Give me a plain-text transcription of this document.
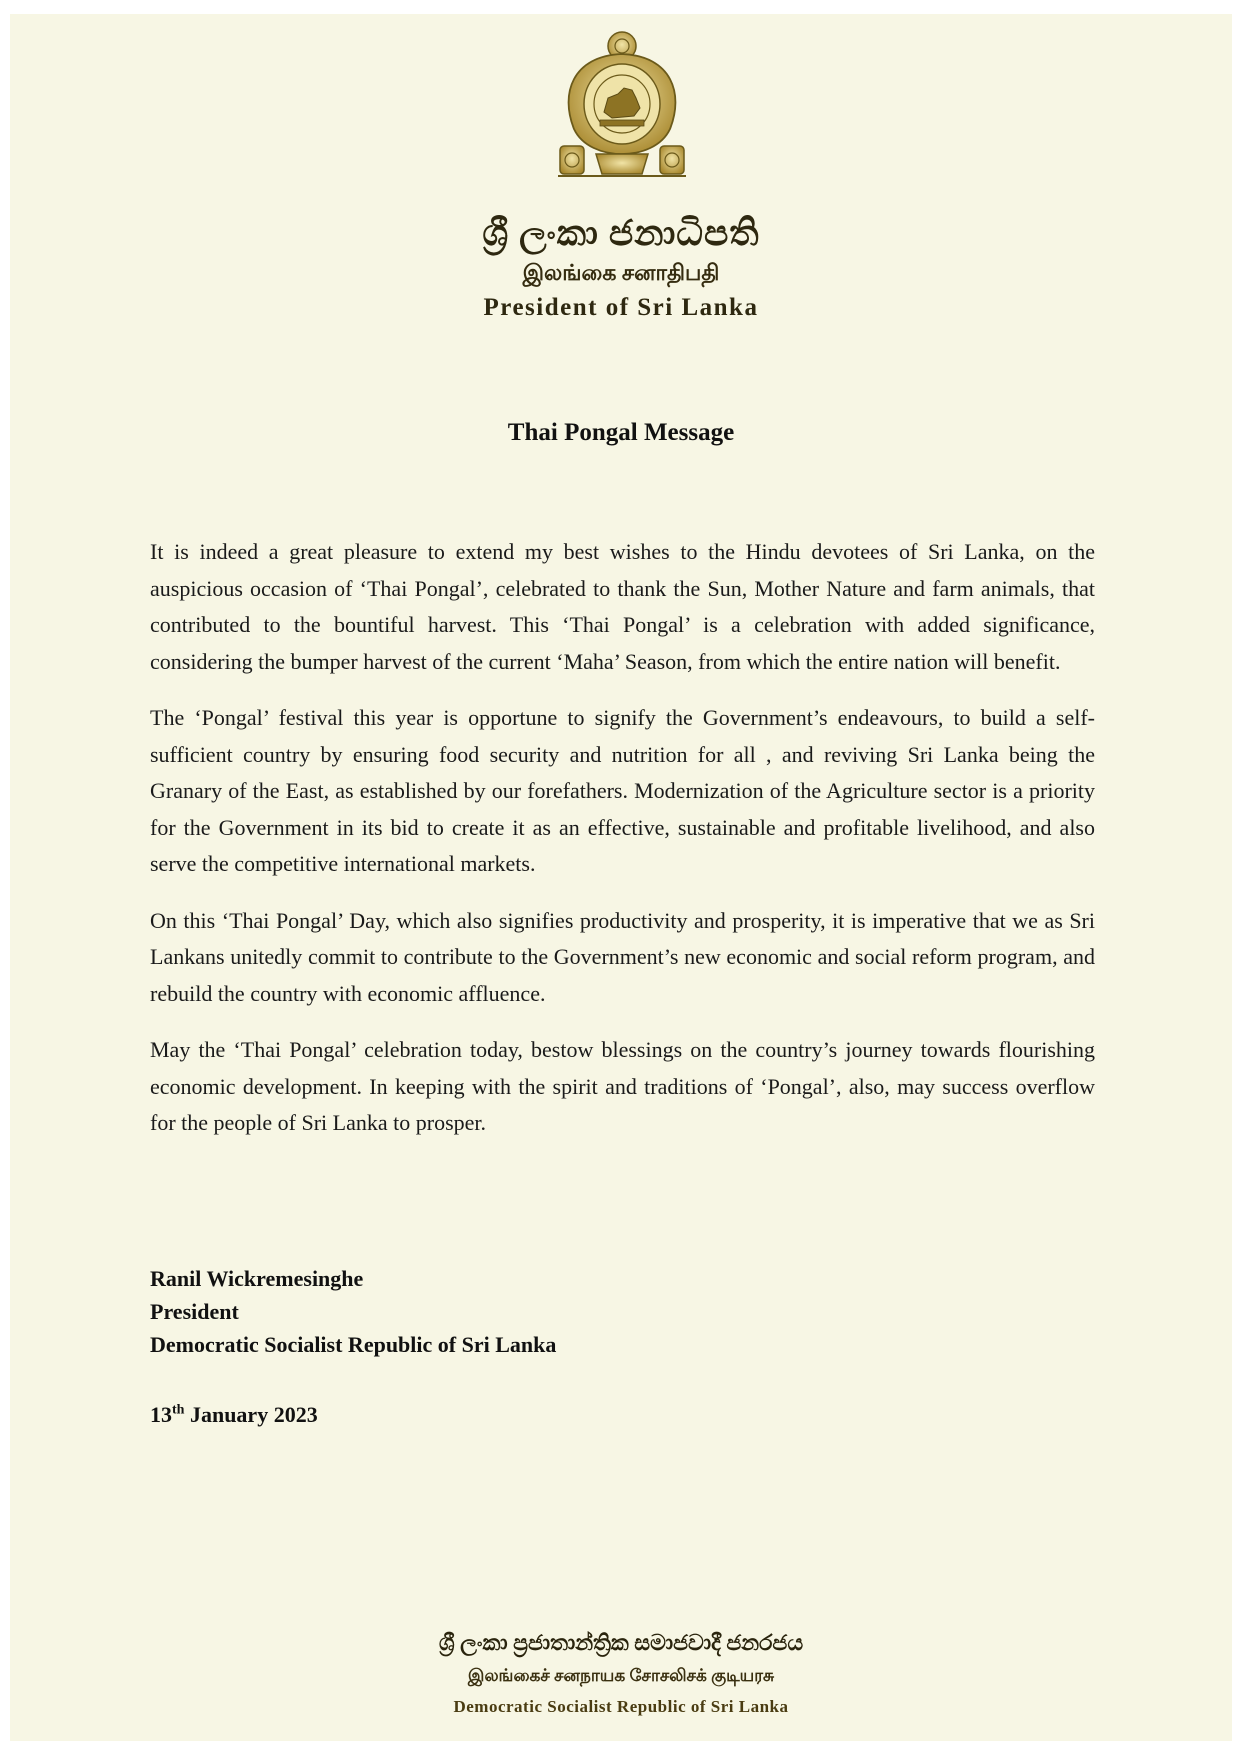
ශ්‍රී ලංකා ජනාධිපති
இலங்கை சனாதிபதி
President of Sri Lanka
Thai Pongal Message

It is indeed a great pleasure to extend my best wishes to the Hindu devotees of Sri Lanka, on the auspicious occasion of ‘Thai Pongal’, celebrated to thank the Sun, Mother Nature and farm animals, that contributed to the bountiful harvest. This ‘Thai Pongal’ is a celebration with added significance, considering the bumper harvest of the current ‘Maha’ Season, from which the entire nation will benefit.

The ‘Pongal’ festival this year is opportune to signify the Government’s endeavours, to build a self-sufficient country by ensuring food security and nutrition for all , and reviving Sri Lanka being the Granary of the East, as established by our forefathers. Modernization of the Agriculture sector is a priority for the Government in its bid to create it as an effective, sustainable and profitable livelihood, and also serve the competitive international markets.

On this ‘Thai Pongal’ Day, which also signifies productivity and prosperity, it is imperative that we as Sri Lankans unitedly commit to contribute to the Government’s new economic and social reform program, and rebuild the country with economic affluence.

May the ‘Thai Pongal’ celebration today, bestow blessings on the country’s journey towards flourishing economic development. In keeping with the spirit and traditions of ‘Pongal’, also, may success overflow for the people of Sri Lanka to prosper.

Ranil Wickremesinghe
President
Democratic Socialist Republic of Sri Lanka
13th January 2023
ශ්‍රී ලංකා ප්‍රජාතාන්ත්‍රික සමාජවාදී ජනරජය
இலங்கைச் சனநாயக சோசலிசக் குடியரசு
Democratic Socialist Republic of Sri Lanka
